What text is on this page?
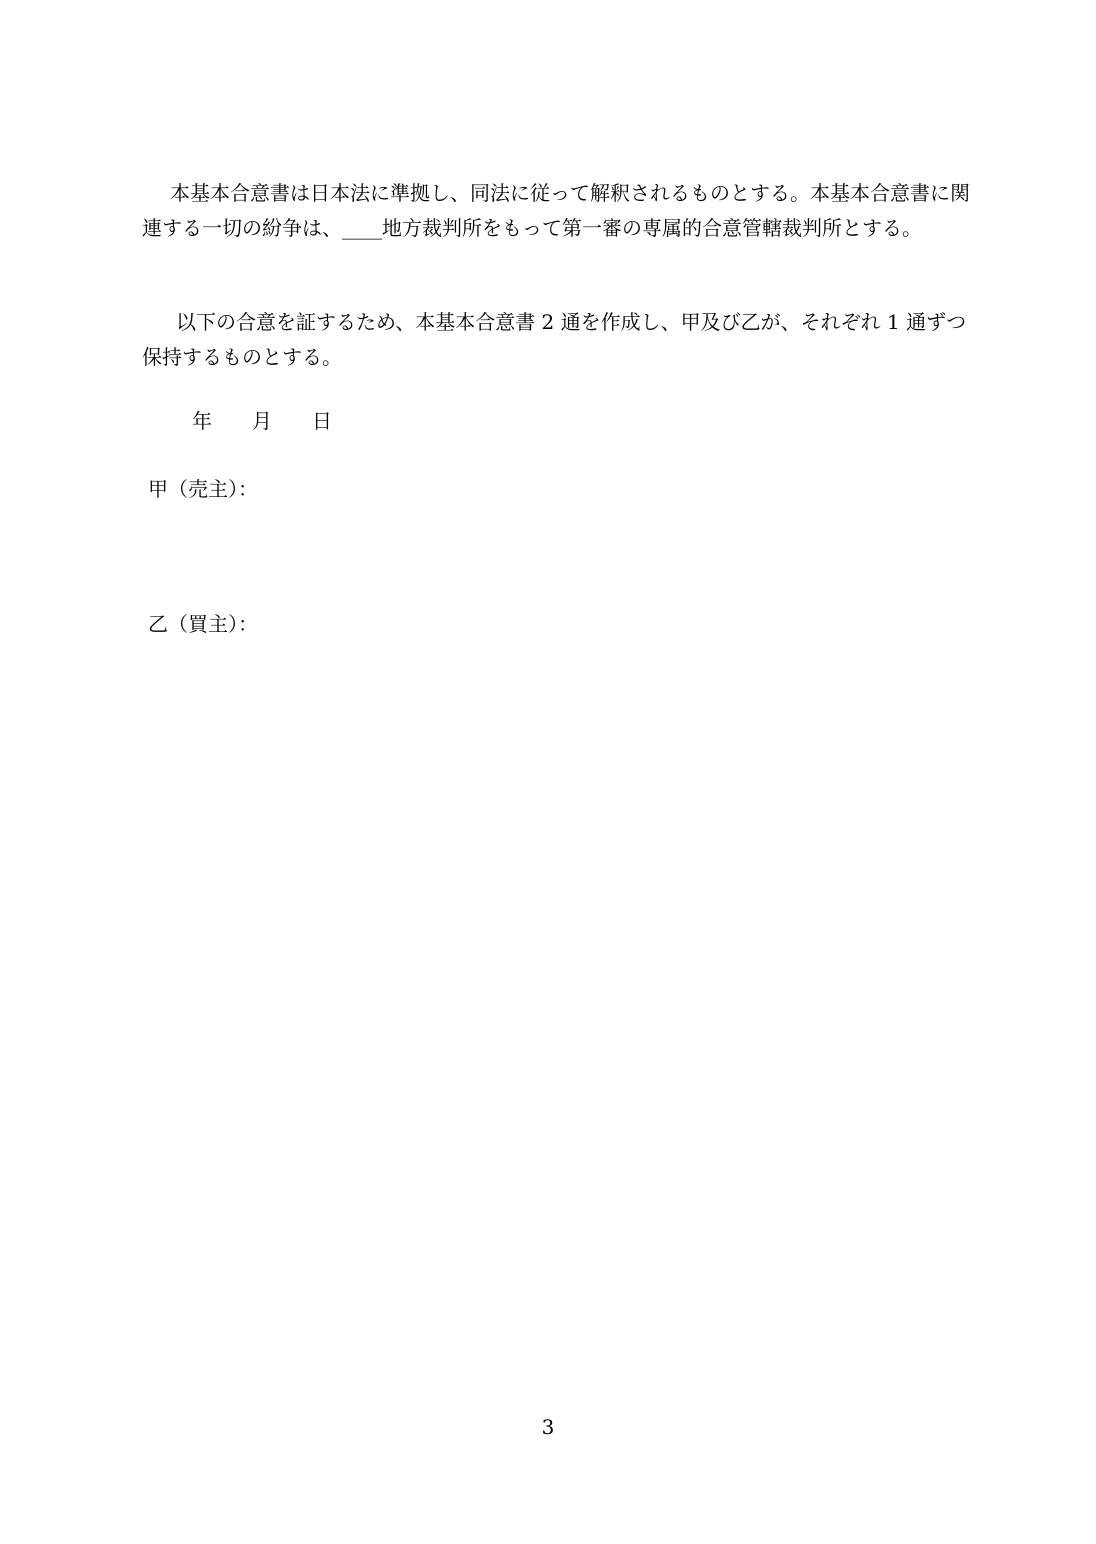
本基本合意書は日本法に準拠し、同法に従って解釈されるものとする。本基本合意書に関
連する一切の紛争は、____地方裁判所をもって第一審の専属的合意管轄裁判所とする。
以下の合意を証するため、本基本合意書 2 通を作成し、甲及び乙が、それぞれ 1 通ずつ
保持するものとする。
年　　月　　日
甲（売主）：
乙（買主）：
3
